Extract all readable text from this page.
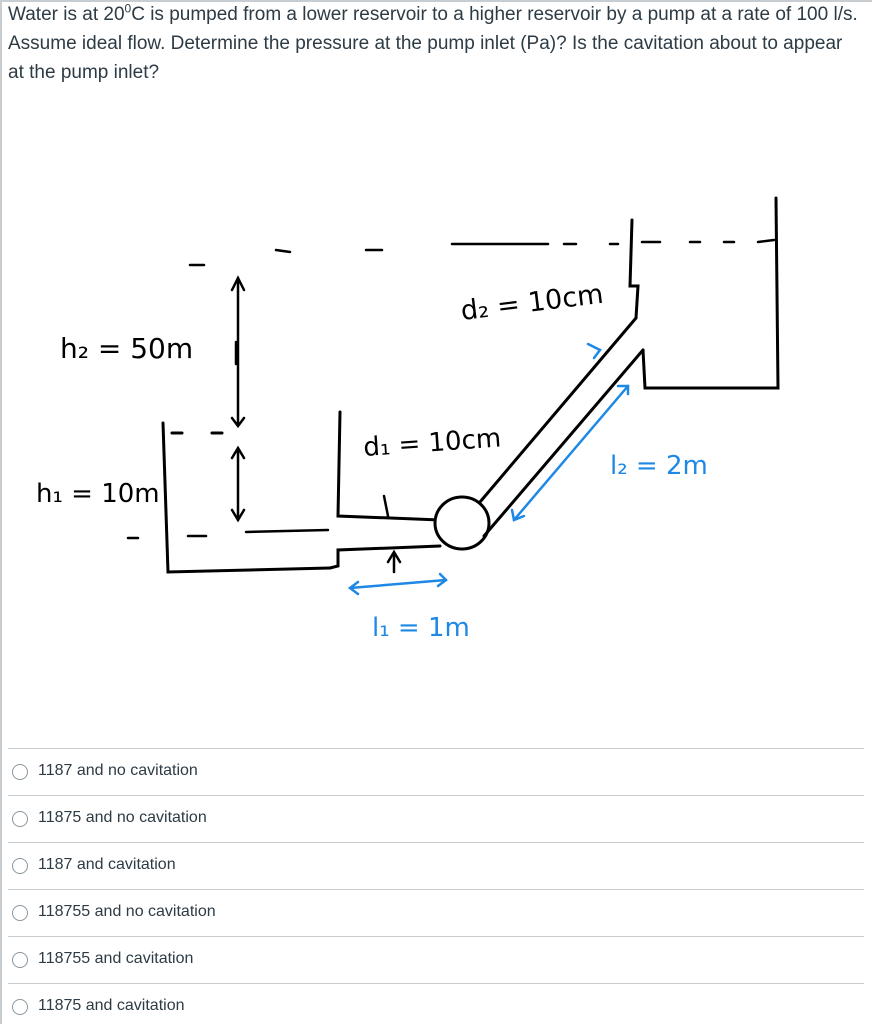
Water is at $20^0C$ is pumped from a lower reservoir to a higher reservoir by a pump at a rate of 100 l/s. Assume ideal flow. Determine the pressure at the pump inlet (Pa)? Is the cavitation about to appear at the pump inlet?
h₂ = 50m
h₁ = 10m
d₂ = 10cm
d₁ = 10cm
l₂ = 2m
l₁ = 1m
1187 and no cavitation
11875 and no cavitation
1187 and cavitation
118755 and no cavitation
118755 and cavitation
11875 and cavitation
